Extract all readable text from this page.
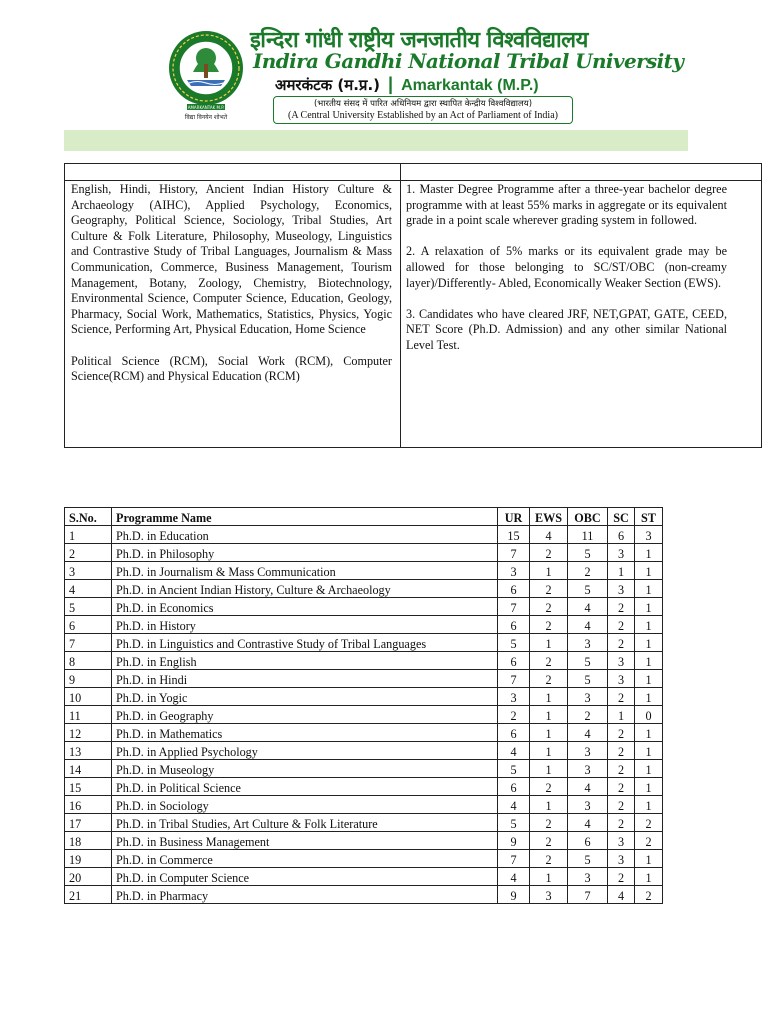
AMARKANTAK M.P.
विद्या विनयेन शोभते
इन्दिरा गांधी राष्ट्रीय जनजातीय विश्वविद्यालय
Indira Gandhi National Tribal University
अमरकंटक (म.प्र.) | Amarkantak (M.P.)
(भारतीय संसद में पारित अधिनियम द्वारा स्थापित केन्द्रीय विश्वविद्यालय)
(A Central University Established by an Act of Parliament of India)

English, Hindi, History, Ancient Indian History Culture & Archaeology (AIHC), Applied Psychology, Economics, Geography, Political Science, Sociology, Tribal Studies, Art Culture & Folk Literature, Philosophy, Museology, Linguistics and Contrastive Study of Tribal Languages, Journalism & Mass Communication, Commerce, Business Management, Tourism Management, Botany, Zoology, Chemistry, Biotechnology, Environmental Science, Computer Science, Education, Geology, Pharmacy, Social Work, Mathematics, Statistics, Physics, Yogic Science, Performing Art, Physical Education, Home Science

Political Science (RCM), Social Work (RCM), Computer Science(RCM) and Physical Education (RCM)

1. Master Degree Programme after a three-year bachelor degree programme with at least 55% marks in aggregate or its equivalent grade in a point scale wherever grading system in followed.

2. A relaxation of 5% marks or its equivalent grade may be allowed for those belonging to SC/ST/OBC (non-creamy layer)/Differently- Abled, Economically Weaker Section (EWS).

3. Candidates who have cleared JRF, NET,GPAT, GATE, CEED, NET Score (Ph.D. Admission) and any other similar National Level Test.

S.No.	Programme Name	UR	EWS	OBC	SC	ST
1	Ph.D. in Education	15	4	11	6	3
2	Ph.D. in Philosophy	7	2	5	3	1
3	Ph.D. in Journalism & Mass Communication	3	1	2	1	1
4	Ph.D. in Ancient Indian History, Culture & Archaeology	6	2	5	3	1
5	Ph.D. in Economics	7	2	4	2	1
6	Ph.D. in History	6	2	4	2	1
7	Ph.D. in Linguistics and Contrastive Study of Tribal Languages	5	1	3	2	1
8	Ph.D. in English	6	2	5	3	1
9	Ph.D. in Hindi	7	2	5	3	1
10	Ph.D. in Yogic	3	1	3	2	1
11	Ph.D. in Geography	2	1	2	1	0
12	Ph.D. in Mathematics	6	1	4	2	1
13	Ph.D. in Applied Psychology	4	1	3	2	1
14	Ph.D. in Museology	5	1	3	2	1
15	Ph.D. in Political Science	6	2	4	2	1
16	Ph.D. in Sociology	4	1	3	2	1
17	Ph.D. in Tribal Studies, Art Culture & Folk Literature	5	2	4	2	2
18	Ph.D. in Business Management	9	2	6	3	2
19	Ph.D. in Commerce	7	2	5	3	1
20	Ph.D. in Computer Science	4	1	3	2	1
21	Ph.D. in Pharmacy	9	3	7	4	2
